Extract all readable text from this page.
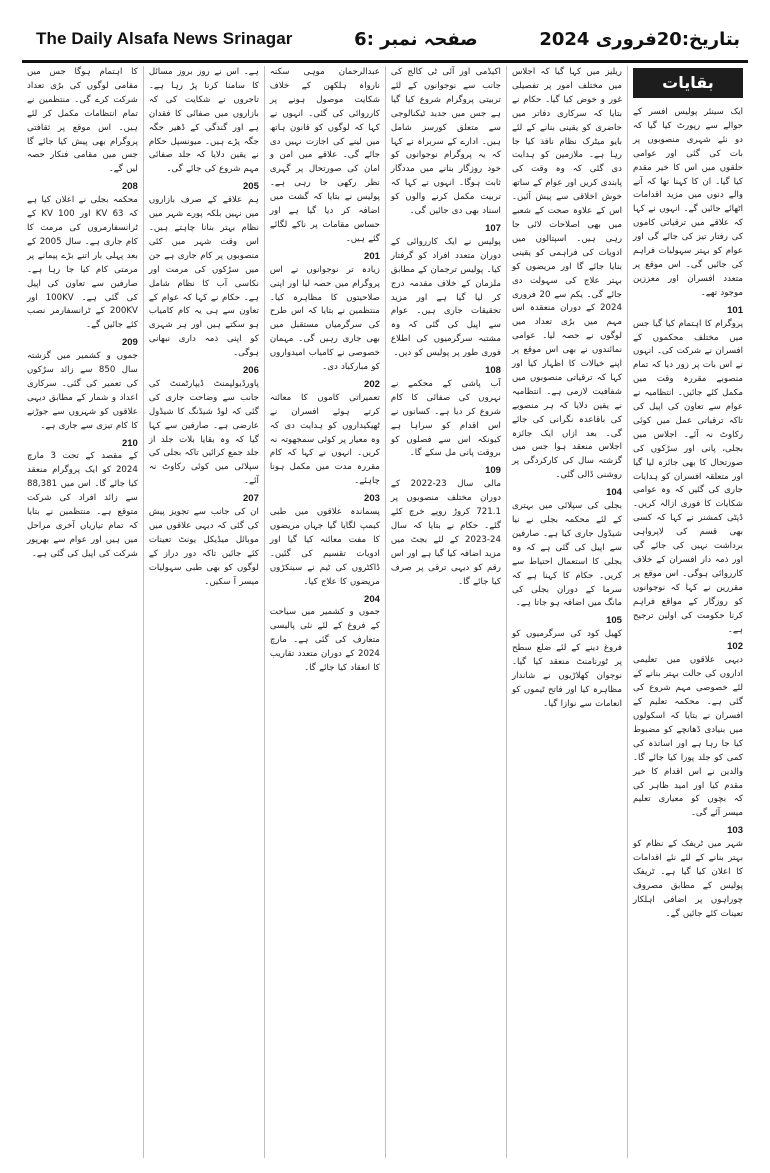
The Daily Alsafa News Srinagar	صفحہ نمبر :6	بتاریخ:20فروری 2024
بقایات
ایک سینئر پولیس افسر کے حوالے سے رپورٹ کیا گیا کہ دو نئے شہری منصوبوں پر بات کی گئی اور عوامی حلقوں میں اس کا خیر مقدم کیا گیا۔ ان کا کہنا تھا کہ آنے والے دنوں میں مزید اقدامات اٹھائے جائیں گے۔ انہوں نے کہا کہ علاقے میں ترقیاتی کاموں کی رفتار تیز کی جائے گی اور عوام کو بہتر سہولیات فراہم کی جائیں گی۔ اس موقع پر متعدد افسران اور معززین موجود تھے۔
101
پروگرام کا اہتمام کیا گیا جس میں مختلف محکموں کے افسران نے شرکت کی۔ انہوں نے اس بات پر زور دیا کہ تمام منصوبے مقررہ وقت میں مکمل کئے جائیں۔ انتظامیہ نے عوام سے تعاون کی اپیل کی تاکہ ترقیاتی عمل میں کوئی رکاوٹ نہ آئے۔ اجلاس میں بجلی، پانی اور سڑکوں کی صورتحال کا بھی جائزہ لیا گیا اور متعلقہ افسران کو ہدایات جاری کی گئیں کہ وہ عوامی شکایات کا فوری ازالہ کریں۔ ڈپٹی کمشنر نے کہا کہ کسی بھی قسم کی لاپرواہی برداشت نہیں کی جائے گی اور ذمہ دار افسران کے خلاف کارروائی ہوگی۔ اس موقع پر مقررین نے کہا کہ نوجوانوں کو روزگار کے مواقع فراہم کرنا حکومت کی اولین ترجیح ہے۔
102
دیہی علاقوں میں تعلیمی اداروں کی حالت بہتر بنانے کے لئے خصوصی مہم شروع کی گئی ہے۔ محکمہ تعلیم کے افسران نے بتایا کہ اسکولوں میں بنیادی ڈھانچے کو مضبوط کیا جا رہا ہے اور اساتذہ کی کمی کو جلد پورا کیا جائے گا۔ والدین نے اس اقدام کا خیر مقدم کیا اور امید ظاہر کی کہ بچوں کو معیاری تعلیم میسر آئے گی۔
103
شہر میں ٹریفک کے نظام کو بہتر بنانے کے لئے نئے اقدامات کا اعلان کیا گیا ہے۔ ٹریفک پولیس کے مطابق مصروف چوراہوں پر اضافی اہلکار تعینات کئے جائیں گے۔
ریلیز میں کہا گیا کہ اجلاس میں مختلف امور پر تفصیلی غور و خوض کیا گیا۔ حکام نے بتایا کہ سرکاری دفاتر میں حاضری کو یقینی بنانے کے لئے بایو میٹرک نظام نافذ کیا جا رہا ہے۔ ملازمین کو ہدایت دی گئی کہ وہ وقت کی پابندی کریں اور عوام کے ساتھ خوش اخلاقی سے پیش آئیں۔ اس کے علاوہ صحت کے شعبے میں بھی اصلاحات لائی جا رہی ہیں۔ اسپتالوں میں ادویات کی فراہمی کو یقینی بنایا جائے گا اور مریضوں کو بہتر علاج کی سہولت دی جائے گی۔ یکم سے 20 فروری 2024 کے دوران منعقدہ اس مہم میں بڑی تعداد میں لوگوں نے حصہ لیا۔ عوامی نمائندوں نے بھی اس موقع پر اپنے خیالات کا اظہار کیا اور کہا کہ ترقیاتی منصوبوں میں شفافیت لازمی ہے۔ انتظامیہ نے یقین دلایا کہ ہر منصوبے کی باقاعدہ نگرانی کی جائے گی۔ بعد ازاں ایک جائزہ اجلاس منعقد ہوا جس میں گزشتہ سال کی کارکردگی پر روشنی ڈالی گئی۔
104
بجلی کی سپلائی میں بہتری کے لئے محکمہ بجلی نے نیا شیڈول جاری کیا ہے۔ صارفین سے اپیل کی گئی ہے کہ وہ بجلی کا استعمال احتیاط سے کریں۔ حکام کا کہنا ہے کہ سرما کے دوران بجلی کی مانگ میں اضافہ ہو جاتا ہے۔
105
کھیل کود کی سرگرمیوں کو فروغ دینے کے لئے ضلع سطح پر ٹورنامنٹ منعقد کیا گیا۔ نوجوان کھلاڑیوں نے شاندار مظاہرہ کیا اور فاتح ٹیموں کو انعامات سے نوازا گیا۔
اکیڈمی اور آئی ٹی کالج کی جانب سے نوجوانوں کے لئے تربیتی پروگرام شروع کیا گیا ہے جس میں جدید ٹیکنالوجی سے متعلق کورسز شامل ہیں۔ ادارے کے سربراہ نے کہا کہ یہ پروگرام نوجوانوں کو خود روزگار بنانے میں مددگار ثابت ہوگا۔ انہوں نے کہا کہ تربیت مکمل کرنے والوں کو اسناد بھی دی جائیں گی۔
107
پولیس نے ایک کارروائی کے دوران متعدد افراد کو گرفتار کیا۔ پولیس ترجمان کے مطابق ملزمان کے خلاف مقدمہ درج کر لیا گیا ہے اور مزید تحقیقات جاری ہیں۔ عوام سے اپیل کی گئی کہ وہ مشتبہ سرگرمیوں کی اطلاع فوری طور پر پولیس کو دیں۔
108
آب پاشی کے محکمے نے نہروں کی صفائی کا کام شروع کر دیا ہے۔ کسانوں نے اس اقدام کو سراہا ہے کیونکہ اس سے فصلوں کو بروقت پانی مل سکے گا۔
109
مالی سال 23-2022 کے دوران مختلف منصوبوں پر 721.1 کروڑ روپے خرچ کئے گئے۔ حکام نے بتایا کہ سال 24-2023 کے لئے بجٹ میں مزید اضافہ کیا گیا ہے اور اس رقم کو دیہی ترقی پر صرف کیا جائے گا۔
عبدالرحمان موہی سکنہ نارواہ ہلکھن کے خلاف شکایت موصول ہونے پر کارروائی کی گئی۔ انہوں نے کہا کہ لوگوں کو قانون ہاتھ میں لینے کی اجازت نہیں دی جائے گی۔ علاقے میں امن و امان کی صورتحال پر گہری نظر رکھی جا رہی ہے۔ پولیس نے بتایا کہ گشت میں اضافہ کر دیا گیا ہے اور حساس مقامات پر ناکے لگائے گئے ہیں۔
201
زیادہ تر نوجوانوں نے اس پروگرام میں حصہ لیا اور اپنی صلاحیتوں کا مظاہرہ کیا۔ منتظمین نے بتایا کہ اس طرح کی سرگرمیاں مستقبل میں بھی جاری رہیں گی۔ مہمان خصوصی نے کامیاب امیدواروں کو مبارکباد دی۔
202
تعمیراتی کاموں کا معائنہ کرتے ہوئے افسران نے ٹھیکیداروں کو ہدایت دی کہ وہ معیار پر کوئی سمجھوتہ نہ کریں۔ انہوں نے کہا کہ کام مقررہ مدت میں مکمل ہونا چاہئے۔
203
پسماندہ علاقوں میں طبی کیمپ لگایا گیا جہاں مریضوں کا مفت معائنہ کیا گیا اور ادویات تقسیم کی گئیں۔ ڈاکٹروں کی ٹیم نے سینکڑوں مریضوں کا علاج کیا۔
204
جموں و کشمیر میں سیاحت کے فروغ کے لئے نئی پالیسی متعارف کی گئی ہے۔ مارچ 2024 کے دوران متعدد تقاریب کا انعقاد کیا جائے گا۔
ہے۔ اس نے روز بروز مسائل کا سامنا کرنا پڑ رہا ہے۔ تاجروں نے شکایت کی کہ بازاروں میں صفائی کا فقدان ہے اور گندگی کے ڈھیر جگہ جگہ پڑے ہیں۔ میونسپل حکام نے یقین دلایا کہ جلد صفائی مہم شروع کی جائے گی۔
205
ہم علاقے کے صرف بازاروں میں نہیں بلکہ پورے شہر میں نظام بہتر بنانا چاہتے ہیں۔ اس وقت شہر میں کئی منصوبوں پر کام جاری ہے جن میں سڑکوں کی مرمت اور نکاسی آب کا نظام شامل ہے۔ حکام نے کہا کہ عوام کے تعاون سے ہی یہ کام کامیاب ہو سکتے ہیں اور ہر شہری کو اپنی ذمہ داری نبھانی ہوگی۔
206
پاورڈیولپمنٹ ڈیپارٹمنٹ کی جانب سے وضاحت جاری کی گئی کہ لوڈ شیڈنگ کا شیڈول عارضی ہے۔ صارفین سے کہا گیا کہ وہ بقایا بلات جلد از جلد جمع کرائیں تاکہ بجلی کی سپلائی میں کوئی رکاوٹ نہ آئے۔
207
ان کی جانب سے تجویز پیش کی گئی کہ دیہی علاقوں میں موبائل میڈیکل یونٹ تعینات کئے جائیں تاکہ دور دراز کے لوگوں کو بھی طبی سہولیات میسر آ سکیں۔
کا اہتمام ہوگا جس میں مقامی لوگوں کی بڑی تعداد شرکت کرے گی۔ منتظمین نے تمام انتظامات مکمل کر لئے ہیں۔ اس موقع پر ثقافتی پروگرام بھی پیش کیا جائے گا جس میں مقامی فنکار حصہ لیں گے۔
208
محکمہ بجلی نے اعلان کیا ہے کہ 63 KV اور 100 KV کے ٹرانسفارمروں کی مرمت کا کام جاری ہے۔ سال 2005 کے بعد پہلی بار اتنے بڑے پیمانے پر مرمتی کام کیا جا رہا ہے۔ صارفین سے تعاون کی اپیل کی گئی ہے۔ 100KV اور 200KV کے ٹرانسفارمر نصب کئے جائیں گے۔
209
جموں و کشمیر میں گزشتہ سال 850 سے زائد سڑکوں کی تعمیر کی گئی۔ سرکاری اعداد و شمار کے مطابق دیہی علاقوں کو شہروں سے جوڑنے کا کام تیزی سے جاری ہے۔
210
کے مقصد کے تحت 3 مارچ 2024 کو ایک پروگرام منعقد کیا جائے گا۔ اس میں 88,381 سے زائد افراد کی شرکت متوقع ہے۔ منتظمین نے بتایا کہ تمام تیاریاں آخری مراحل میں ہیں اور عوام سے بھرپور شرکت کی اپیل کی گئی ہے۔
